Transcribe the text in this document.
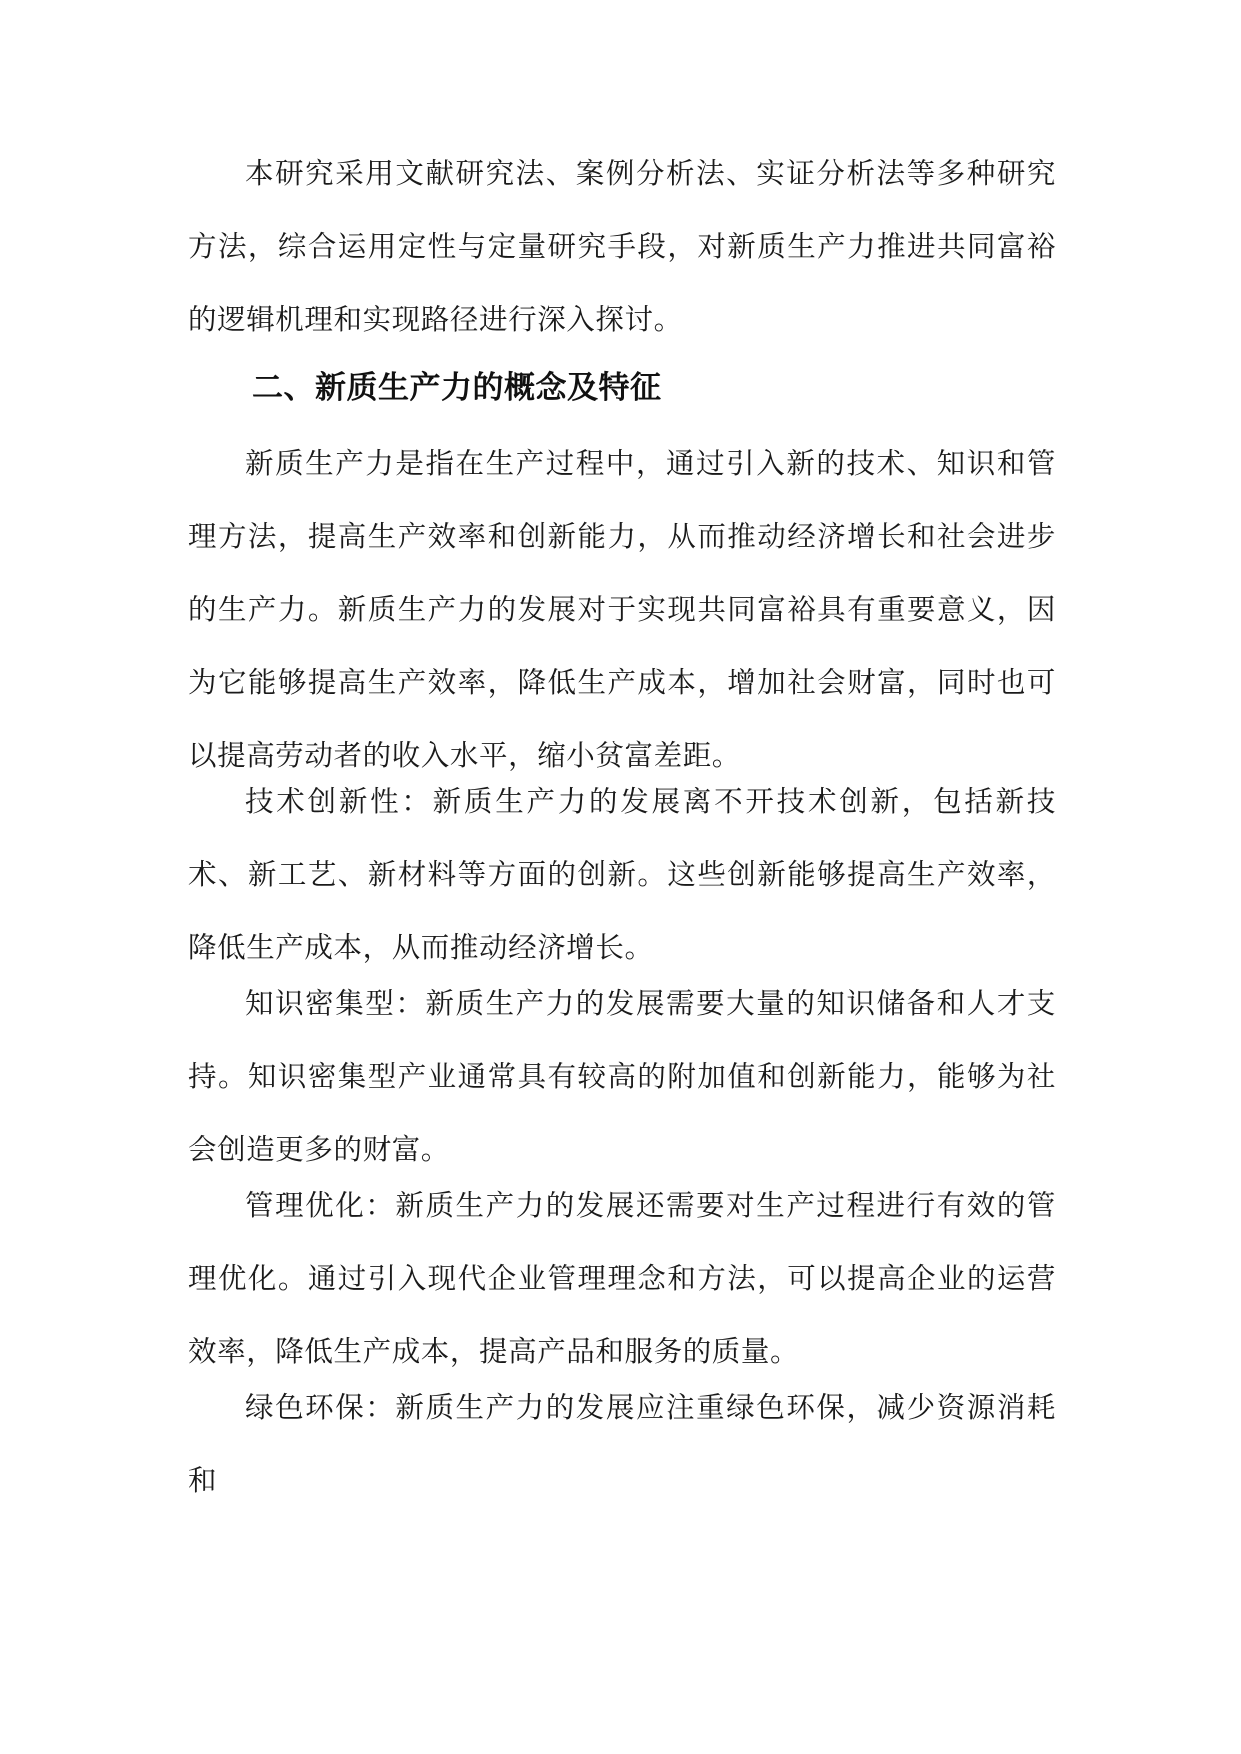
本研究采用文献研究法、案例分析法、实证分析法等多种研究方法，综合运用定性与定量研究手段，对新质生产力推进共同富裕的逻辑机理和实现路径进行深入探讨。

二、新质生产力的概念及特征

新质生产力是指在生产过程中，通过引入新的技术、知识和管理方法，提高生产效率和创新能力，从而推动经济增长和社会进步的生产力。新质生产力的发展对于实现共同富裕具有重要意义，因为它能够提高生产效率，降低生产成本，增加社会财富，同时也可以提高劳动者的收入水平，缩小贫富差距。

技术创新性：新质生产力的发展离不开技术创新，包括新技术、新工艺、新材料等方面的创新。这些创新能够提高生产效率，降低生产成本，从而推动经济增长。

知识密集型：新质生产力的发展需要大量的知识储备和人才支持。知识密集型产业通常具有较高的附加值和创新能力，能够为社会创造更多的财富。

管理优化：新质生产力的发展还需要对生产过程进行有效的管理优化。通过引入现代企业管理理念和方法，可以提高企业的运营效率，降低生产成本，提高产品和服务的质量。

绿色环保：新质生产力的发展应注重绿色环保，减少资源消耗和
